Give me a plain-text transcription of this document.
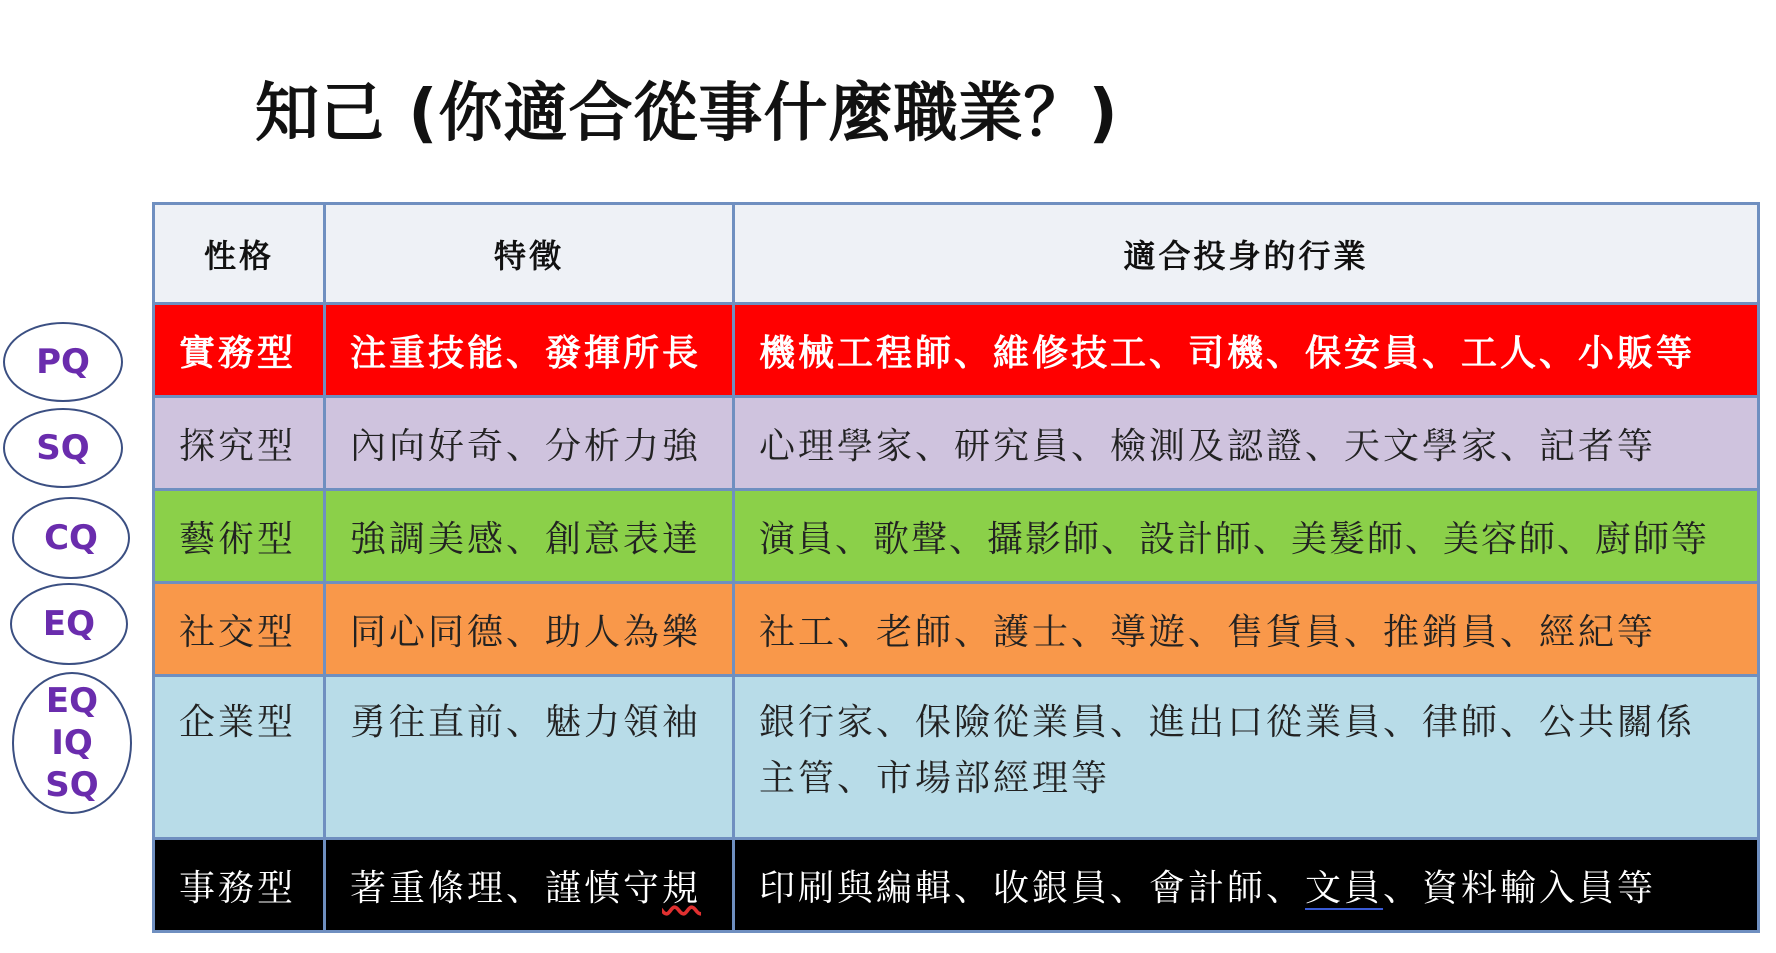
知己 (你適合從事什麼職業？)
PQ
SQ
CQ
EQ
EQ
IQ
SQ
性格	特徵	適合投身的行業
實務型	注重技能、發揮所長	機械工程師、維修技工、司機、保安員、工人、小販等
探究型	內向好奇、分析力強	心理學家、研究員、檢測及認證、天文學家、記者等
藝術型	強調美感、創意表達	演員、歌聲、攝影師、設計師、美髮師、美容師、廚師等
社交型	同心同德、助人為樂	社工、老師、護士、導遊、售貨員、推銷員、經紀等
企業型	勇往直前、魅力領袖	銀行家、保險從業員、進出口從業員、律師、公共關係主管、市場部經理等
事務型	著重條理、謹慎守規	印刷與編輯、收銀員、會計師、文員、資料輸入員等
